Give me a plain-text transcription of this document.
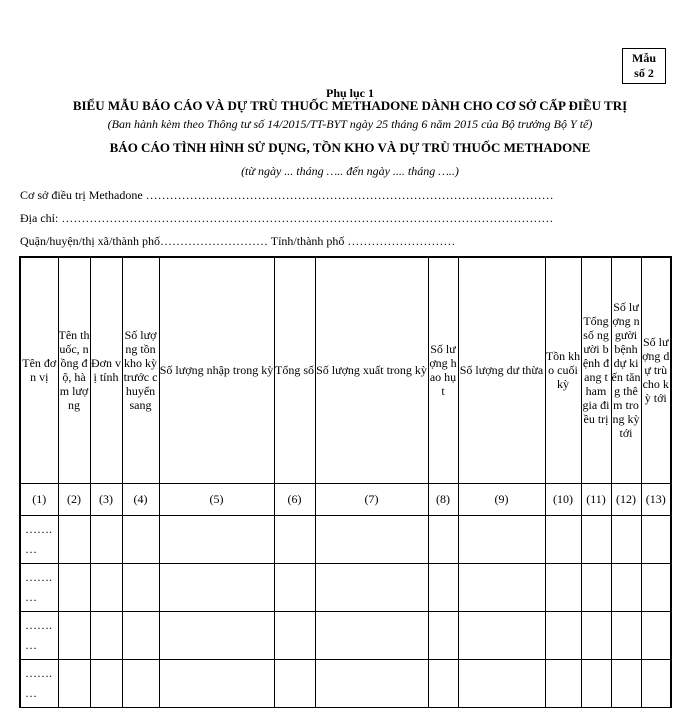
Mẫu
số 2
Phụ lục 1
BIỂU MẪU BÁO CÁO VÀ DỰ TRÙ THUỐC METHADONE DÀNH CHO CƠ SỞ CẤP ĐIỀU TRỊ
(Ban hành kèm theo Thông tư số 14/2015/TT-BYT ngày 25 tháng 6 năm 2015 của Bộ trưởng Bộ Y tế)
BÁO CÁO TÌNH HÌNH SỬ DỤNG, TỒN KHO VÀ DỰ TRÙ THUỐC METHADONE
(từ ngày ... tháng ….. đến ngày .... tháng …..)
Cơ sở điều trị Methadone …………………………………………………………………………………………
Địa chỉ: ……………………………………………………………………………………………………………
Quận/huyện/thị xã/thành phố……………………… Tỉnh/thành phố ………………………
Tên đơn vị	Tên thuốc, nồng độ, hàm lượng	Đơn vị tính	Số lượng tồn kho kỳ trước chuyển sang	Số lượng nhập trong kỳ	Tổng số	Số lượng xuất trong kỳ	Số lượng hao hụt	Số lượng dư thừa	Tồn kho cuối kỳ	Tổng số người bệnh đang tham gia điều trị	Số lượng người bệnh dự kiến tăng thêm trong kỳ tới	Số lượng dự trù cho kỳ tới
(1)	(2)	(3)	(4)	(5)	(6)	(7)	(8)	(9)	(10)	(11)	(12)	(13)
……. …												
……. …												
……. …												
……. …												
